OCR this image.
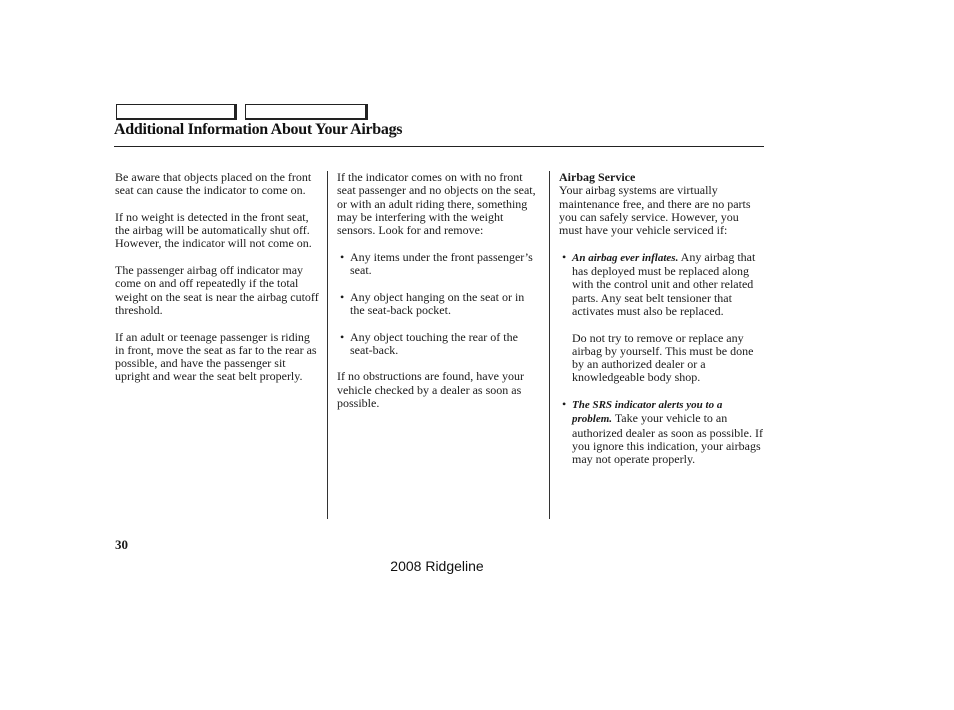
Additional Information About Your Airbags

Be aware that objects placed on the front seat can cause the indicator to come on.

If no weight is detected in the front seat, the airbag will be automatically shut off. However, the indicator will not come on.

The passenger airbag off indicator may come on and off repeatedly if the total weight on the seat is near the airbag cutoff threshold.

If an adult or teenage passenger is riding in front, move the seat as far to the rear as possible, and have the passenger sit upright and wear the seat belt properly.

If the indicator comes on with no front seat passenger and no objects on the seat, or with an adult riding there, something may be interfering with the weight sensors. Look for and remove:

• Any items under the front passenger’s seat.
• Any object hanging on the seat or in the seat-back pocket.
• Any object touching the rear of the seat-back.

If no obstructions are found, have your vehicle checked by a dealer as soon as possible.

Airbag Service

Your airbag systems are virtually maintenance free, and there are no parts you can safely service. However, you must have your vehicle serviced if:

• An airbag ever inflates. Any airbag that has deployed must be replaced along with the control unit and other related parts. Any seat belt tensioner that activates must also be replaced.

Do not try to remove or replace any airbag by yourself. This must be done by an authorized dealer or a knowledgeable body shop.

• The SRS indicator alerts you to a problem. Take your vehicle to an authorized dealer as soon as possible. If you ignore this indication, your airbags may not operate properly.
30
2008 Ridgeline
